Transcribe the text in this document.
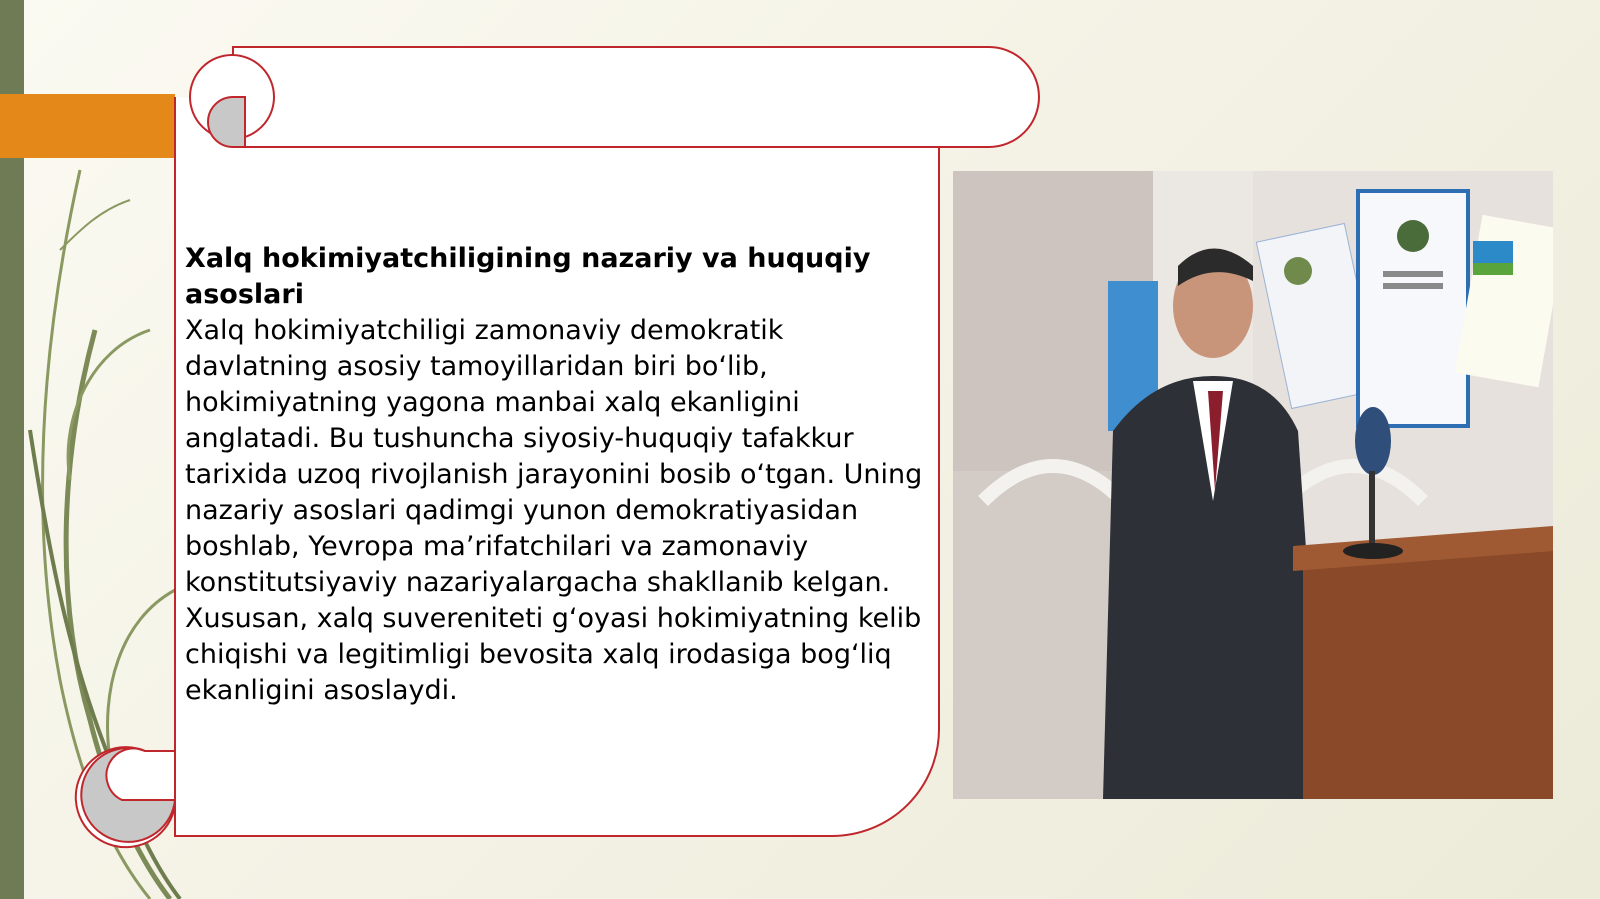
Xalq hokimiyatchiligining nazariy va huquqiy asoslari
Xalq hokimiyatchiligi zamonaviy demokratik davlatning asosiy tamoyillaridan biri bo‘lib, hokimiyatning yagona manbai xalq ekanligini anglatadi. Bu tushuncha siyosiy-huquqiy tafakkur tarixida uzoq rivojlanish jarayonini bosib o‘tgan. Uning nazariy asoslari qadimgi yunon demokratiyasidan boshlab, Yevropa ma’rifatchilari va zamonaviy konstitutsiyaviy nazariyalargacha shakllanib kelgan. Xususan, xalq suvereniteti g‘oyasi hokimiyatning kelib chiqishi va legitimligi bevosita xalq irodasiga bog‘liq ekanligini asoslaydi.
